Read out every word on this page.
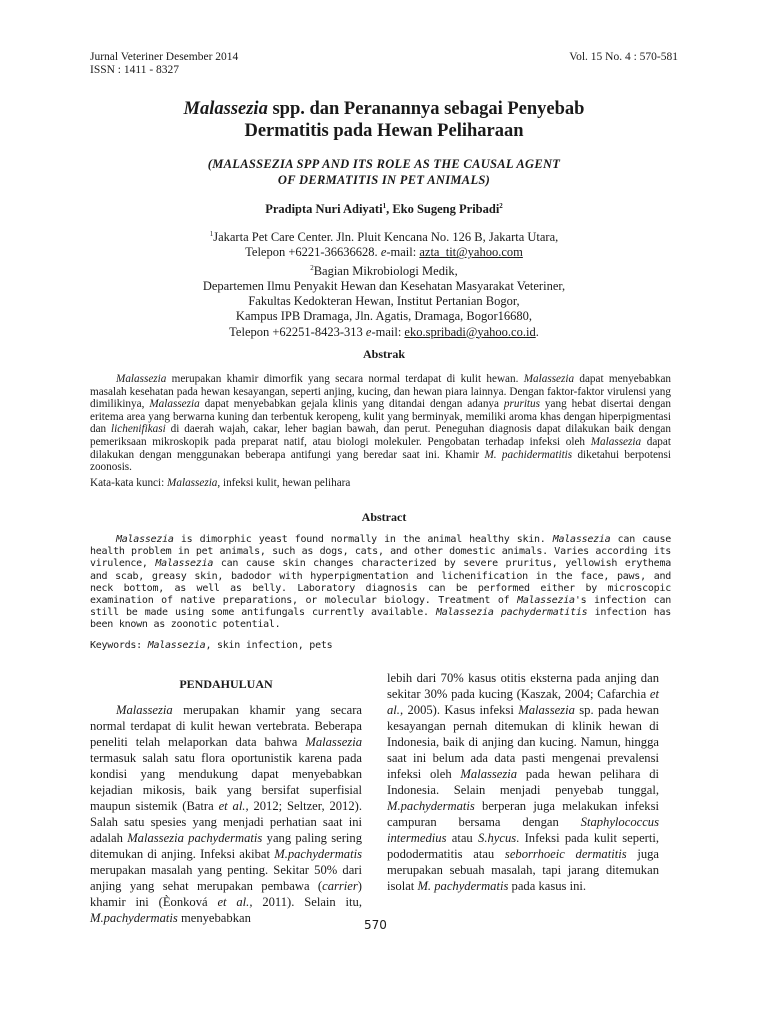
Jurnal Veteriner Desember 2014
ISSN : 1411 - 8327
Vol. 15 No. 4 : 570-581
Malassezia spp. dan Peranannya sebagai Penyebab
Dermatitis pada Hewan Peliharaan
(MALASSEZIA SPP AND ITS ROLE AS THE CAUSAL AGENT
OF DERMATITIS IN PET ANIMALS)
Pradipta Nuri Adiyati$^1$, Eko Sugeng Pribadi$^2$
$^1$Jakarta Pet Care Center. Jln. Pluit Kencana No. 126 B, Jakarta Utara,
Telepon +6221-36636628. e-mail: azta_tit@yahoo.com
$^2$Bagian Mikrobiologi Medik,
Departemen Ilmu Penyakit Hewan dan Kesehatan Masyarakat Veteriner,
Fakultas Kedokteran Hewan, Institut Pertanian Bogor,
Kampus IPB Dramaga, Jln. Agatis, Dramaga, Bogor16680,
Telepon +62251-8423-313 e-mail: eko.spribadi@yahoo.co.id.
Abstrak

Malassezia merupakan khamir dimorfik yang secara normal terdapat di kulit hewan. Malassezia dapat menyebabkan masalah kesehatan pada hewan kesayangan, seperti anjing, kucing, dan hewan piara lainnya. Dengan faktor-faktor virulensi yang dimilikinya, Malassezia dapat menyebabkan gejala klinis yang ditandai dengan adanya pruritus yang hebat disertai dengan eritema area yang berwarna kuning dan terbentuk keropeng, kulit yang berminyak, memiliki aroma khas dengan hiperpigmentasi dan lichenifikasi di daerah wajah, cakar, leher bagian bawah, dan perut. Peneguhan diagnosis dapat dilakukan baik dengan pemeriksaan mikroskopik pada preparat natif, atau biologi molekuler. Pengobatan terhadap infeksi oleh Malassezia dapat dilakukan dengan menggunakan beberapa antifungi yang beredar saat ini. Khamir M. pachidermatitis diketahui berpotensi zoonosis.

Kata-kata kunci: Malassezia, infeksi kulit, hewan pelihara
Abstract

Malassezia is dimorphic yeast found normally in the animal healthy skin. Malassezia can cause health problem in pet animals, such as dogs, cats, and other domestic animals. Varies according its virulence, Malassezia can cause skin changes characterized by severe pruritus, yellowish erythema and scab, greasy skin, badodor with hyperpigmentation and lichenification in the face, paws, and neck bottom, as well as belly. Laboratory diagnosis can be performed either by microscopic examination of native preparations, or molecular biology. Treatment of Malassezia's infection can still be made using some antifungals currently available. Malassezia pachydermatitis infection has been known as zoonotic potential.

Keywords: Malassezia, skin infection, pets
PENDAHULUAN

Malassezia merupakan khamir yang secara normal terdapat di kulit hewan vertebrata. Beberapa peneliti telah melaporkan data bahwa Malassezia termasuk salah satu flora oportunistik karena pada kondisi yang mendukung dapat menyebabkan kejadian mikosis, baik yang bersifat superfisial maupun sistemik (Batra et al., 2012; Seltzer, 2012). Salah satu spesies yang menjadi perhatian saat ini adalah Malassezia pachydermatis yang paling sering ditemukan di anjing. Infeksi akibat M.pachydermatis merupakan masalah yang penting. Sekitar 50% dari anjing yang sehat merupakan pembawa (carrier) khamir ini (Èonková et al., 2011). Selain itu, M.pachydermatis menyebabkan

lebih dari 70% kasus otitis eksterna pada anjing dan sekitar 30% pada kucing (Kaszak, 2004; Cafarchia et al., 2005). Kasus infeksi Malassezia sp. pada hewan kesayangan pernah ditemukan di klinik hewan di Indonesia, baik di anjing dan kucing. Namun, hingga saat ini belum ada data pasti mengenai prevalensi infeksi oleh Malassezia pada hewan pelihara di Indonesia. Selain menjadi penyebab tunggal, M.pachydermatis berperan juga melakukan infeksi campuran bersama dengan Staphylococcus intermedius atau S.hycus. Infeksi pada kulit seperti, pododermatitis atau seborrhoeic dermatitis juga merupakan sebuah masalah, tapi jarang ditemukan isolat M. pachydermatis pada kasus ini.

570
